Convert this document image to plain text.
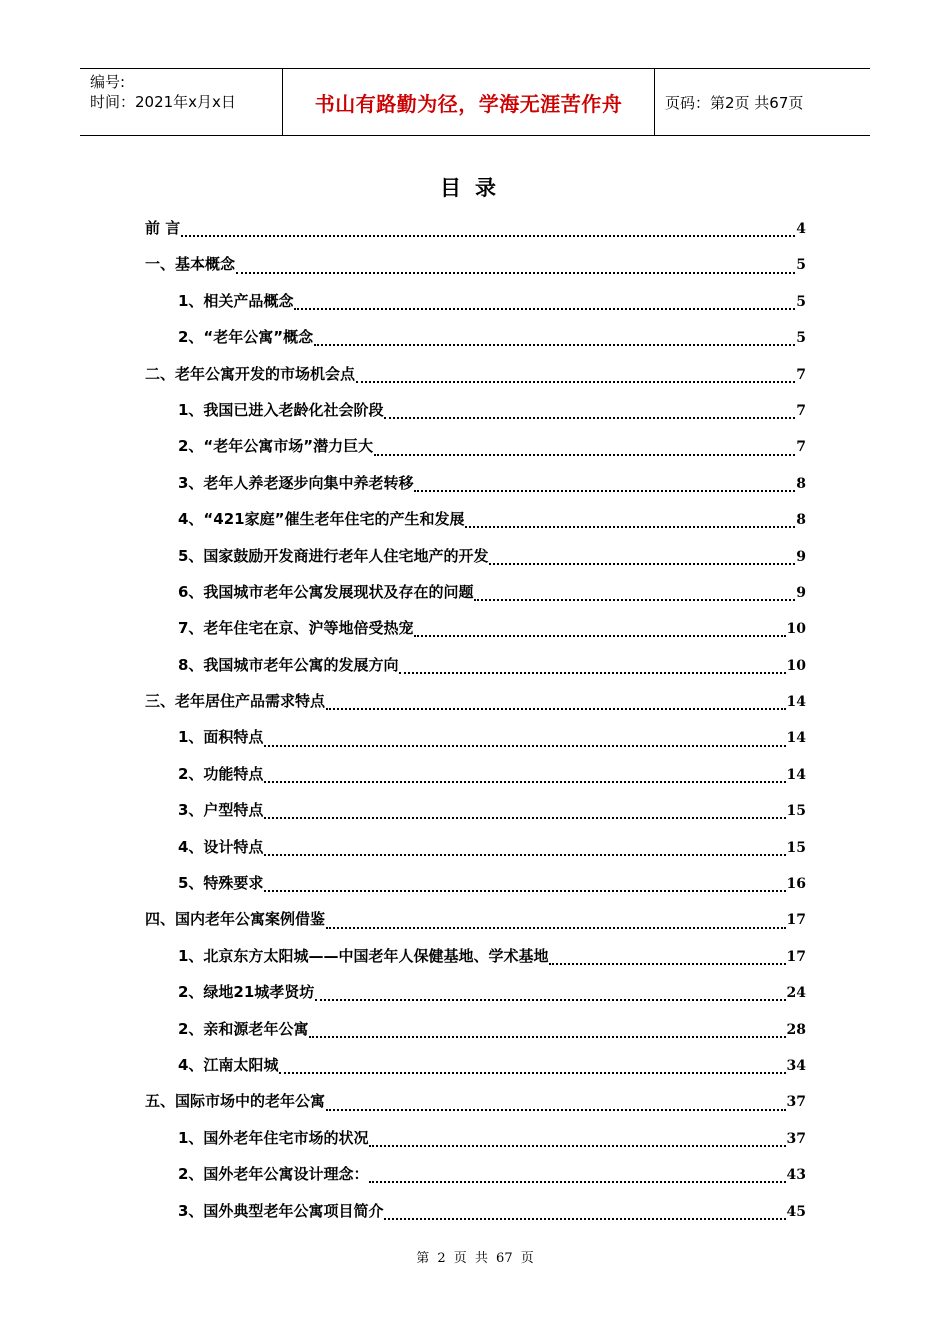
编号:
时间：2021年x月x日	书山有路勤为径，学海无涯苦作舟	页码：第2页 共67页
目录
前 言	4
一、基本概念	5
1、相关产品概念	5
2、“老年公寓”概念	5
二、老年公寓开发的市场机会点	7
1、我国已进入老龄化社会阶段	7
2、“老年公寓市场”潜力巨大	7
3、老年人养老逐步向集中养老转移	8
4、“421家庭”催生老年住宅的产生和发展	8
5、国家鼓励开发商进行老年人住宅地产的开发	9
6、我国城市老年公寓发展现状及存在的问题	9
7、老年住宅在京、沪等地倍受热宠	10
8、我国城市老年公寓的发展方向	10
三、老年居住产品需求特点	14
1、面积特点	14
2、功能特点	14
3、户型特点	15
4、设计特点	15
5、特殊要求	16
四、国内老年公寓案例借鉴	17
1、北京东方太阳城——中国老年人保健基地、学术基地	17
2、绿地21城孝贤坊	24
2、亲和源老年公寓	28
4、江南太阳城	34
五、国际市场中的老年公寓	37
1、国外老年住宅市场的状况	37
2、国外老年公寓设计理念：	43
3、国外典型老年公寓项目简介	45
第 2 页 共 67 页
